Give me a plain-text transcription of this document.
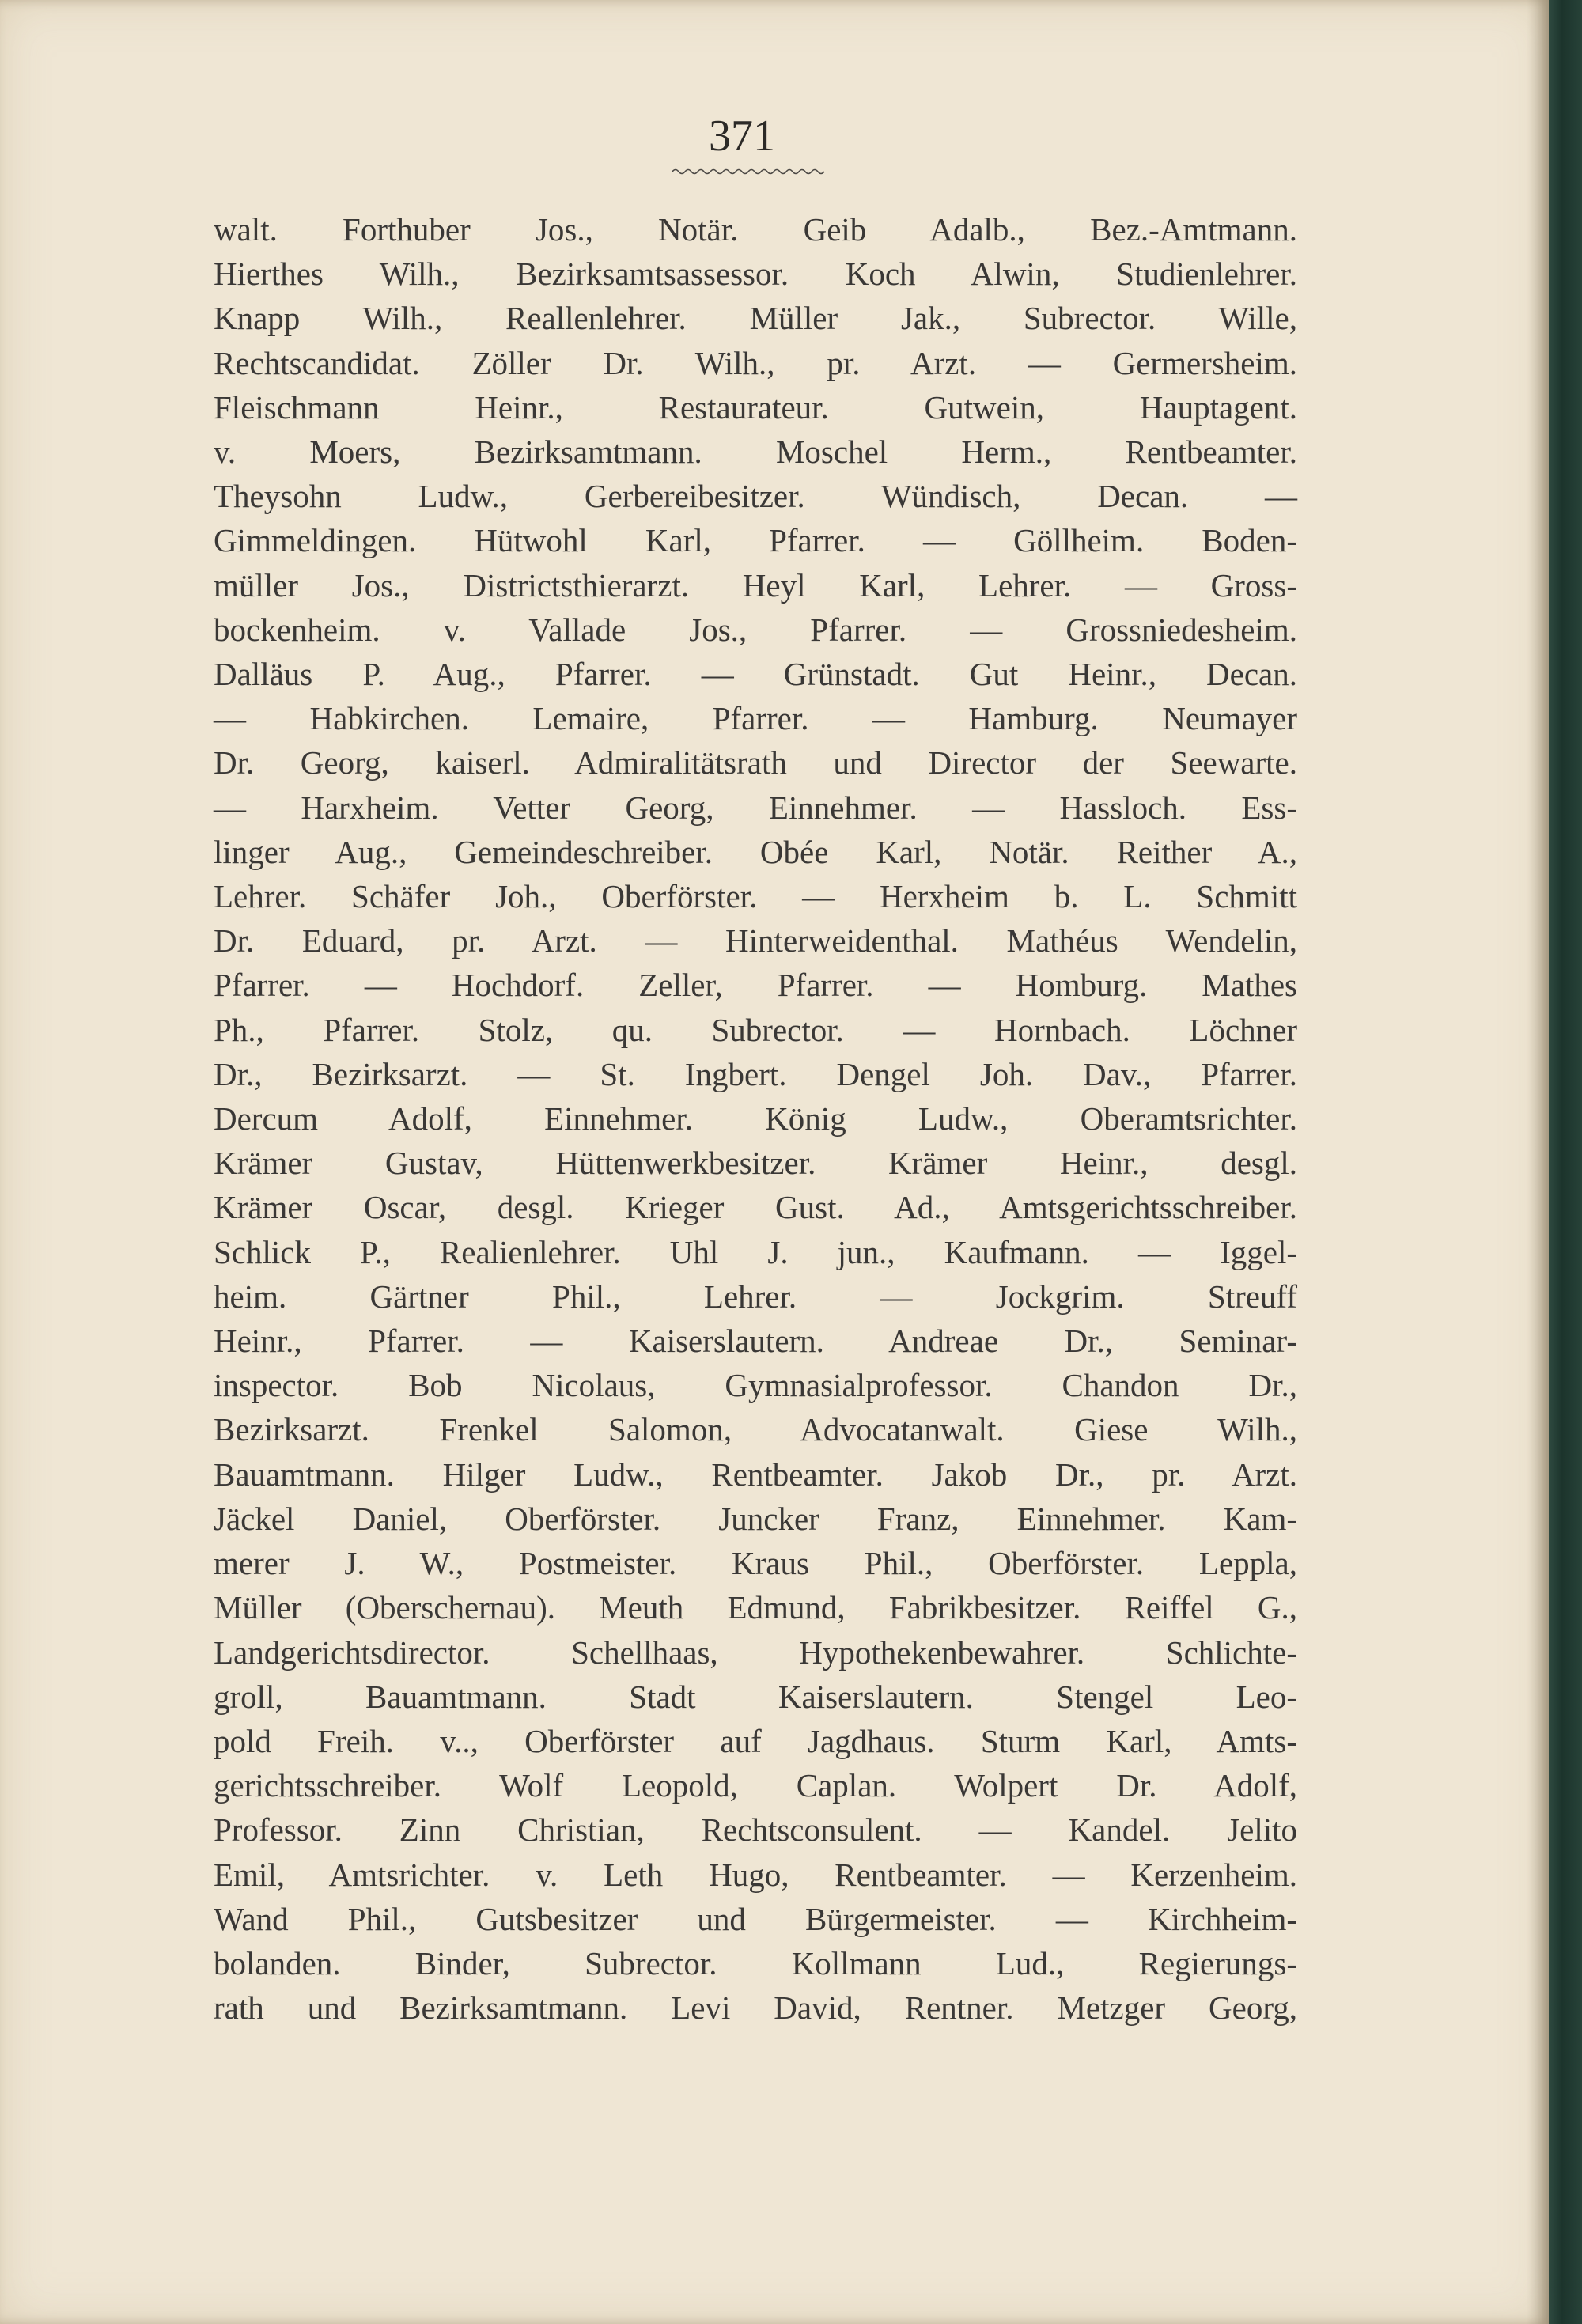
371
walt. Forthuber Jos., Notär. Geib Adalb., Bez.-Amtmann.
Hierthes Wilh., Bezirksamtsassessor. Koch Alwin, Studienlehrer.
Knapp Wilh., Reallenlehrer. Müller Jak., Subrector. Wille,
Rechtscandidat. Zöller Dr. Wilh., pr. Arzt. — Germersheim.
Fleischmann Heinr., Restaurateur. Gutwein, Hauptagent.
v. Moers, Bezirksamtmann. Moschel Herm., Rentbeamter.
Theysohn Ludw., Gerbereibesitzer. Wündisch, Decan. —
Gimmeldingen. Hütwohl Karl, Pfarrer. — Göllheim. Boden-
müller Jos., Districtsthierarzt. Heyl Karl, Lehrer. — Gross-
bockenheim. v. Vallade Jos., Pfarrer. — Grossniedesheim.
Dalläus P. Aug., Pfarrer. — Grünstadt. Gut Heinr., Decan.
— Habkirchen. Lemaire, Pfarrer. — Hamburg. Neumayer
Dr. Georg, kaiserl. Admiralitätsrath und Director der Seewarte.
— Harxheim. Vetter Georg, Einnehmer. — Hassloch. Ess-
linger Aug., Gemeindeschreiber. Obée Karl, Notär. Reither A.,
Lehrer. Schäfer Joh., Oberförster. — Herxheim b. L. Schmitt
Dr. Eduard, pr. Arzt. — Hinterweidenthal. Mathéus Wendelin,
Pfarrer. — Hochdorf. Zeller, Pfarrer. — Homburg. Mathes
Ph., Pfarrer. Stolz, qu. Subrector. — Hornbach. Löchner
Dr., Bezirksarzt. — St. Ingbert. Dengel Joh. Dav., Pfarrer.
Dercum Adolf, Einnehmer. König Ludw., Oberamtsrichter.
Krämer Gustav, Hüttenwerkbesitzer. Krämer Heinr., desgl.
Krämer Oscar, desgl. Krieger Gust. Ad., Amtsgerichtsschreiber.
Schlick P., Realienlehrer. Uhl J. jun., Kaufmann. — Iggel-
heim. Gärtner Phil., Lehrer. — Jockgrim. Streuff
Heinr., Pfarrer. — Kaiserslautern. Andreae Dr., Seminar-
inspector. Bob Nicolaus, Gymnasialprofessor. Chandon Dr.,
Bezirksarzt. Frenkel Salomon, Advocatanwalt. Giese Wilh.,
Bauamtmann. Hilger Ludw., Rentbeamter. Jakob Dr., pr. Arzt.
Jäckel Daniel, Oberförster. Juncker Franz, Einnehmer. Kam-
merer J. W., Postmeister. Kraus Phil., Oberförster. Leppla,
Müller (Oberschernau). Meuth Edmund, Fabrikbesitzer. Reiffel G.,
Landgerichtsdirector. Schellhaas, Hypothekenbewahrer. Schlichte-
groll, Bauamtmann. Stadt Kaiserslautern. Stengel Leo-
pold Freih. v.., Oberförster auf Jagdhaus. Sturm Karl, Amts-
gerichtsschreiber. Wolf Leopold, Caplan. Wolpert Dr. Adolf,
Professor. Zinn Christian, Rechtsconsulent. — Kandel. Jelito
Emil, Amtsrichter. v. Leth Hugo, Rentbeamter. — Kerzenheim.
Wand Phil., Gutsbesitzer und Bürgermeister. — Kirchheim-
bolanden. Binder, Subrector. Kollmann Lud., Regierungs-
rath und Bezirksamtmann. Levi David, Rentner. Metzger Georg,
